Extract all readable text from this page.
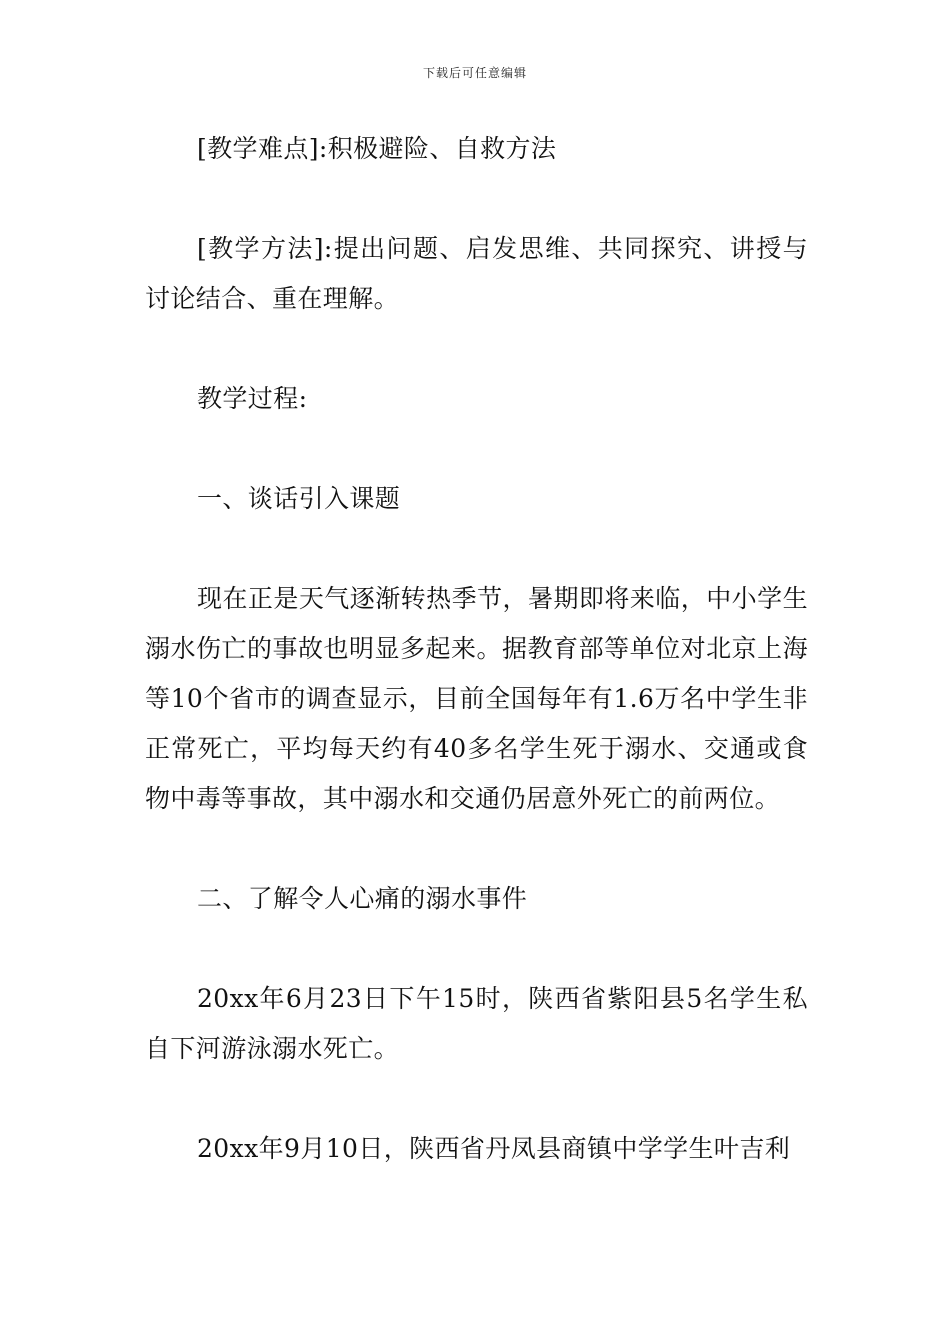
下载后可任意编辑

[教学难点]:积极避险、自救方法

[教学方法]:提出问题、启发思维、共同探究、讲授与讨论结合、重在理解。

教学过程:

一、谈话引入课题

现在正是天气逐渐转热季节，暑期即将来临，中小学生溺水伤亡的事故也明显多起来。据教育部等单位对北京上海等10个省市的调查显示，目前全国每年有1.6万名中学生非正常死亡，平均每天约有40多名学生死于溺水、交通或食物中毒等事故，其中溺水和交通仍居意外死亡的前两位。

二、了解令人心痛的溺水事件

20xx年6月23日下午15时，陕西省紫阳县5名学生私自下河游泳溺水死亡。

20xx年9月10日，陕西省丹凤县商镇中学学生叶吉利
